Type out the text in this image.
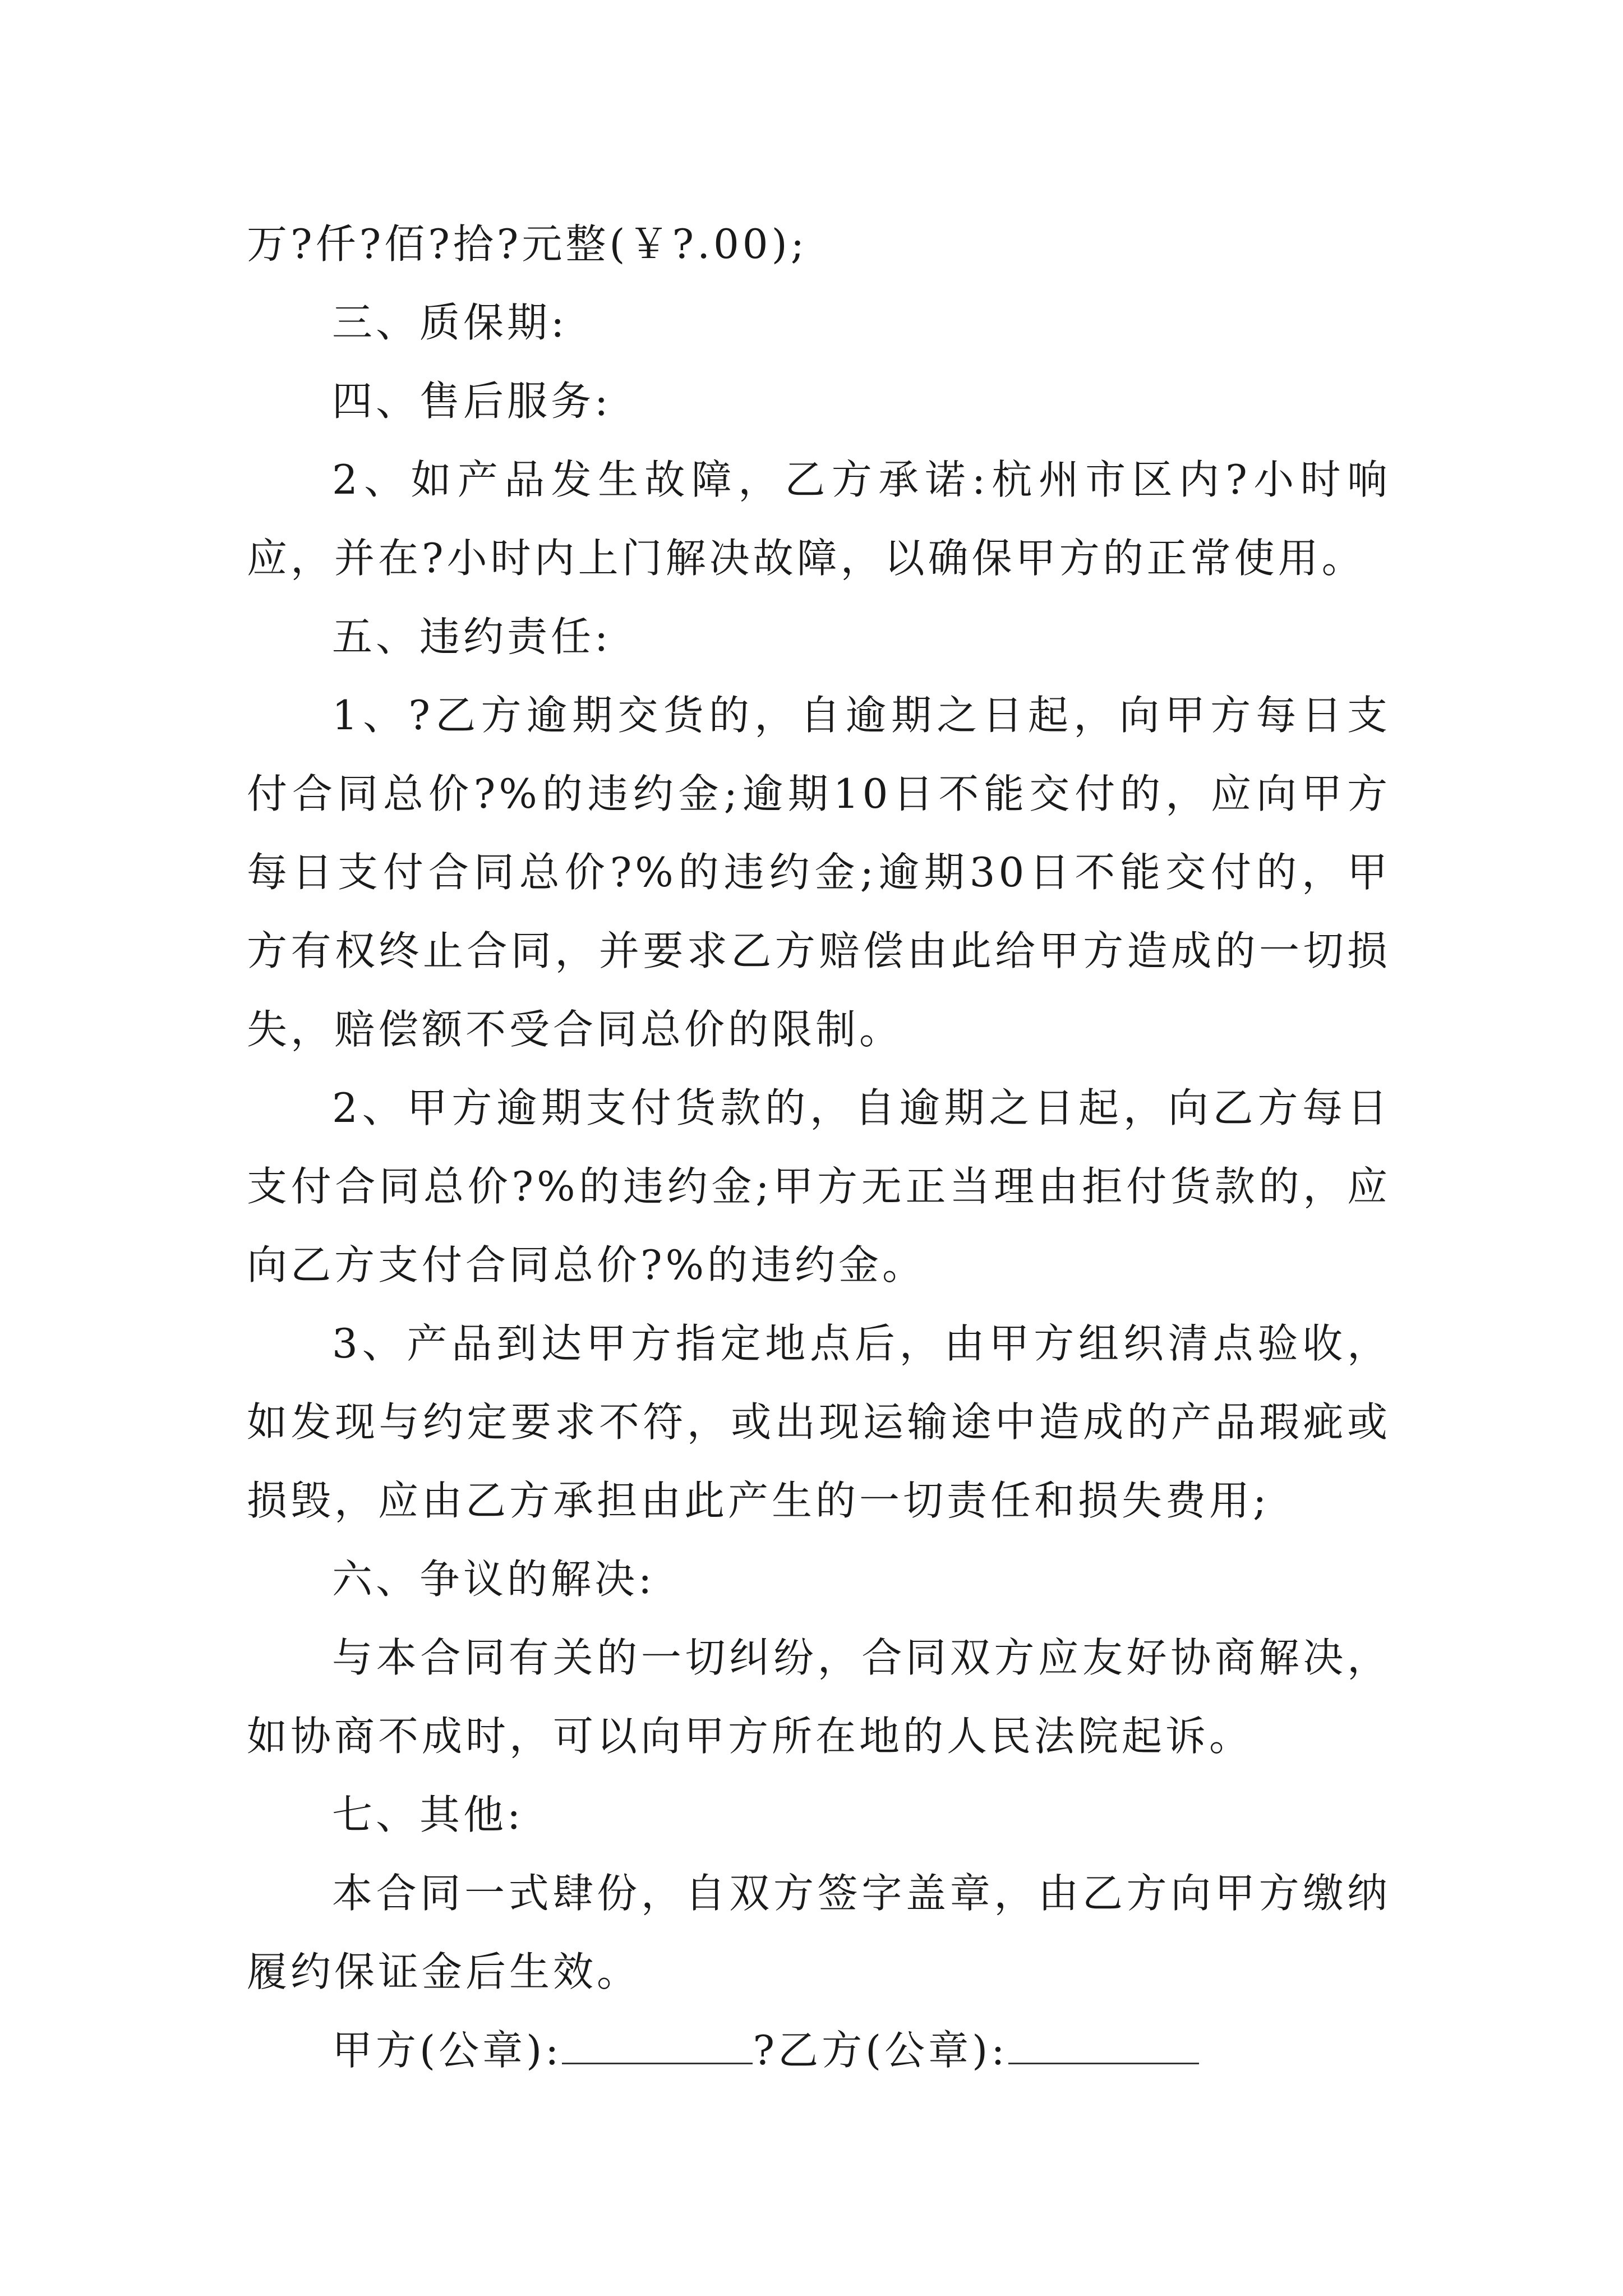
万?仟?佰?拾?元整(￥?.00);

三、质保期:

四、售后服务:

2、如产品发生故障，乙方承诺:杭州市区内?小时响应，并在?小时内上门解决故障，以确保甲方的正常使用。

五、违约责任:

1、?乙方逾期交货的，自逾期之日起，向甲方每日支付合同总价?%的违约金;逾期10日不能交付的，应向甲方每日支付合同总价?%的违约金;逾期30日不能交付的，甲方有权终止合同，并要求乙方赔偿由此给甲方造成的一切损失，赔偿额不受合同总价的限制。

2、甲方逾期支付货款的，自逾期之日起，向乙方每日支付合同总价?%的违约金;甲方无正当理由拒付货款的，应向乙方支付合同总价?%的违约金。

3、产品到达甲方指定地点后，由甲方组织清点验收，如发现与约定要求不符，或出现运输途中造成的产品瑕疵或损毁，应由乙方承担由此产生的一切责任和损失费用;

六、争议的解决:

与本合同有关的一切纠纷，合同双方应友好协商解决，如协商不成时，可以向甲方所在地的人民法院起诉。

七、其他:

本合同一式肆份，自双方签字盖章，由乙方向甲方缴纳履约保证金后生效。

甲方(公章):	?乙方(公章):
